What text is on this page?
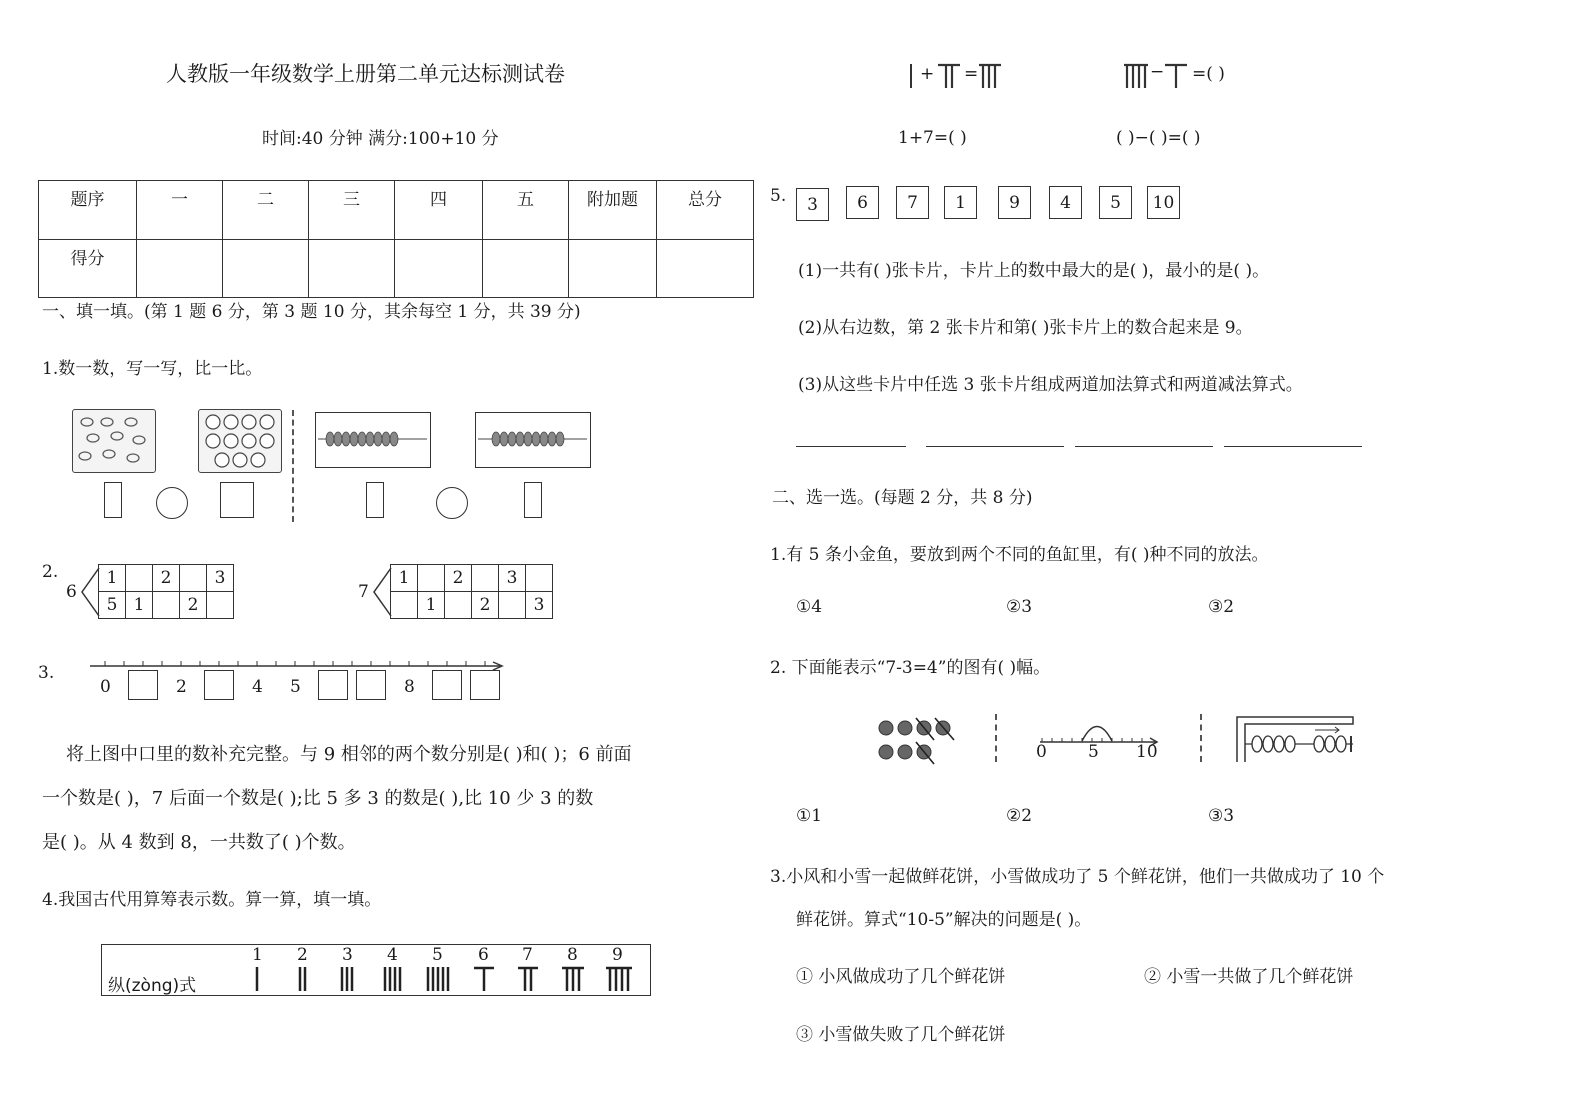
人教版一年级数学上册第二单元达标测试卷
时间:40 分钟 满分:100+10 分
题序	一	二	三	四	五	附加题	总分
得分							
一、填一填。(第 1 题 6 分，第 3 题 10 分，其余每空 1 分，共 39 分)
1.数一数，写一写，比一比。
2.
6
1		2		3
5	1		2	
7
1		2		3	
	1		2		3
3.
0	2	4 5	8
将上图中口里的数补充完整。与 9 相邻的两个数分别是( )和( )；6 前面
一个数是( )，7 后面一个数是( );比 5 多 3 的数是( ),比 10 少 3 的数
是( )。从 4 数到 8，一共数了( )个数。
4.我国古代用算筹表示数。算一算，填一填。
纵(zòng)式
1 2 3 4 5 6 7 8 9
+ =	− =( )
1+7=( )	( )−( )=( )
5.	3	6	7	1	9	4	5	10
(1)一共有( )张卡片，卡片上的数中最大的是( )，最小的是( )。
(2)从右边数，第 2 张卡片和第( )张卡片上的数合起来是 9。
(3)从这些卡片中任选 3 张卡片组成两道加法算式和两道减法算式。
二、选一选。(每题 2 分，共 8 分)
1.有 5 条小金鱼，要放到两个不同的鱼缸里，有( )种不同的放法。
①4	②3	③2
2. 下面能表示“7-3=4”的图有( )幅。
0 5 10
①1	②2	③3
3.小风和小雪一起做鲜花饼，小雪做成功了 5 个鲜花饼，他们一共做成功了 10 个
鲜花饼。算式“10-5”解决的问题是( )。
① 小风做成功了几个鲜花饼	② 小雪一共做了几个鲜花饼
③ 小雪做失败了几个鲜花饼
